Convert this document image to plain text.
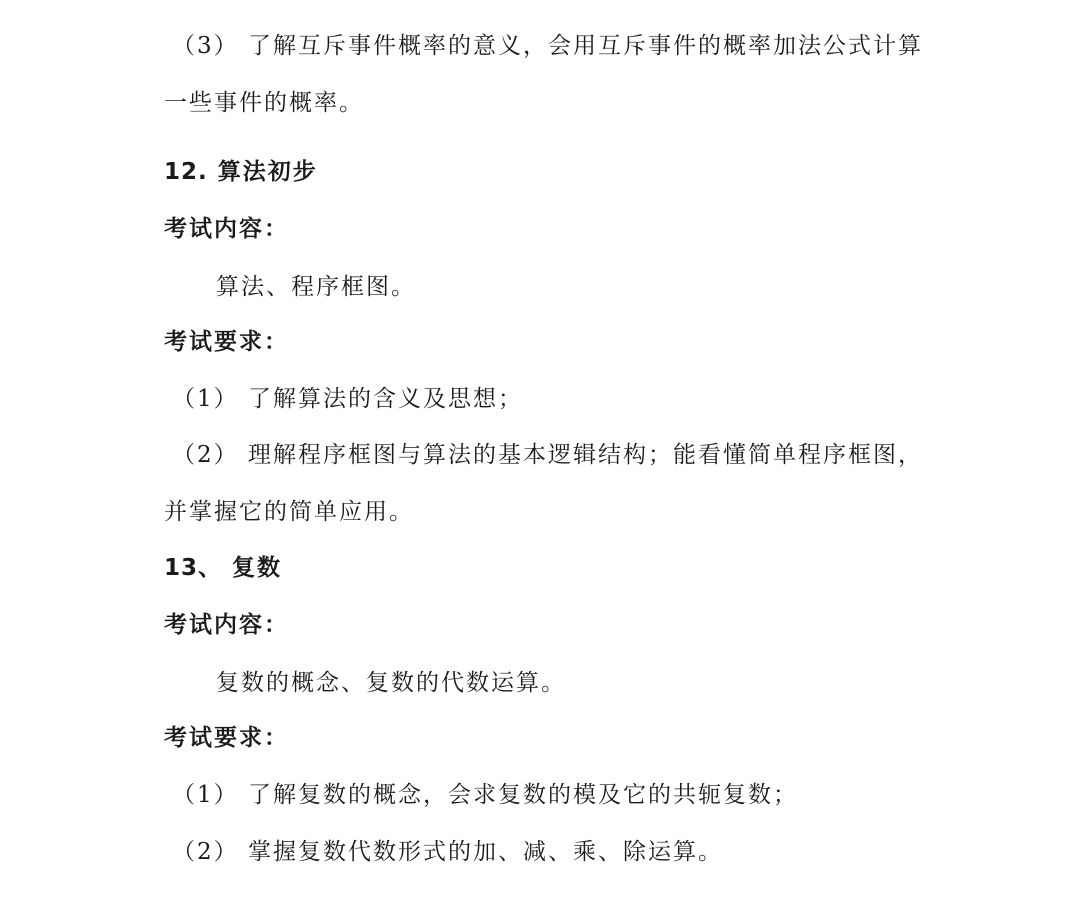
（3） 了解互斥事件概率的意义，会用互斥事件的概率加法公式计算
一些事件的概率。
12. 算法初步
考试内容：
算法、程序框图。
考试要求：
（1） 了解算法的含义及思想；
（2） 理解程序框图与算法的基本逻辑结构；能看懂简单程序框图，
并掌握它的简单应用。
13、 复数
考试内容：
复数的概念、复数的代数运算。
考试要求：
（1） 了解复数的概念，会求复数的模及它的共轭复数；
（2） 掌握复数代数形式的加、减、乘、除运算。
